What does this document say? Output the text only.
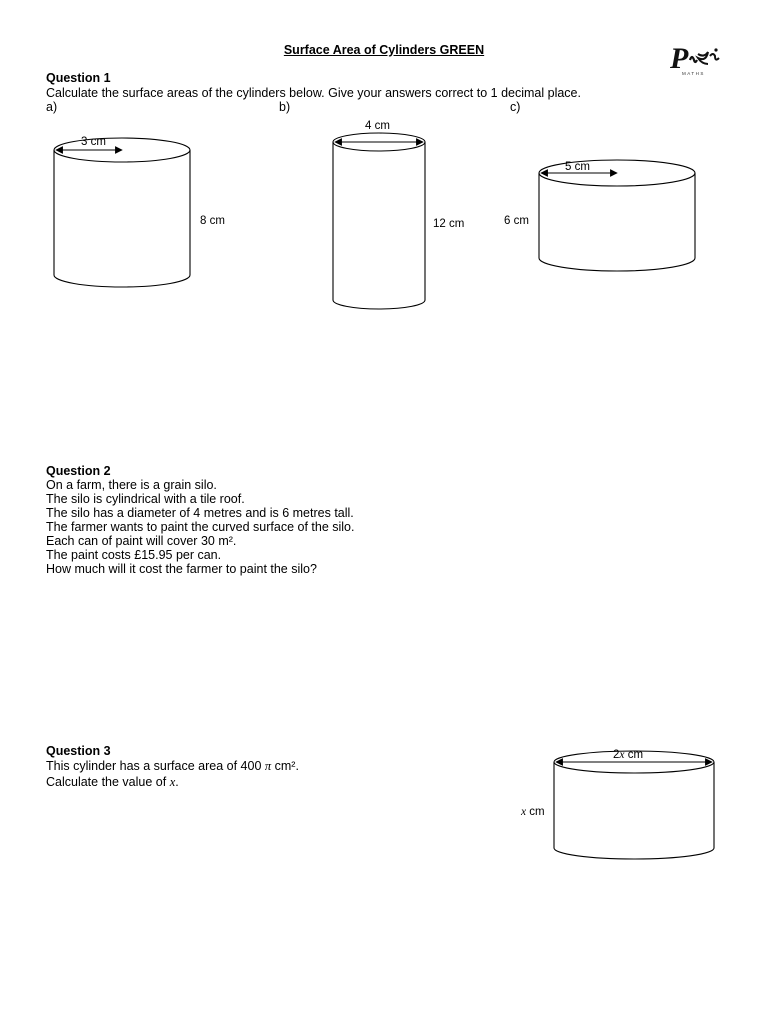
Surface Area of Cylinders GREEN	P
MATHS
Question 1
Calculate the surface areas of the cylinders below. Give your answers correct to 1 decimal place.
a)	b)	c)
3 cm
8 cm
4 cm
12 cm
5 cm
6 cm
Question 2
On a farm, there is a grain silo.
The silo is cylindrical with a tile roof.
The silo has a diameter of 4 metres and is 6 metres tall.
The farmer wants to paint the curved surface of the silo.
Each can of paint will cover 30 m².
The paint costs £15.95 per can.
How much will it cost the farmer to paint the silo?
Question 3
This cylinder has a surface area of 400 π cm².
Calculate the value of x.
2x cm
x cm
